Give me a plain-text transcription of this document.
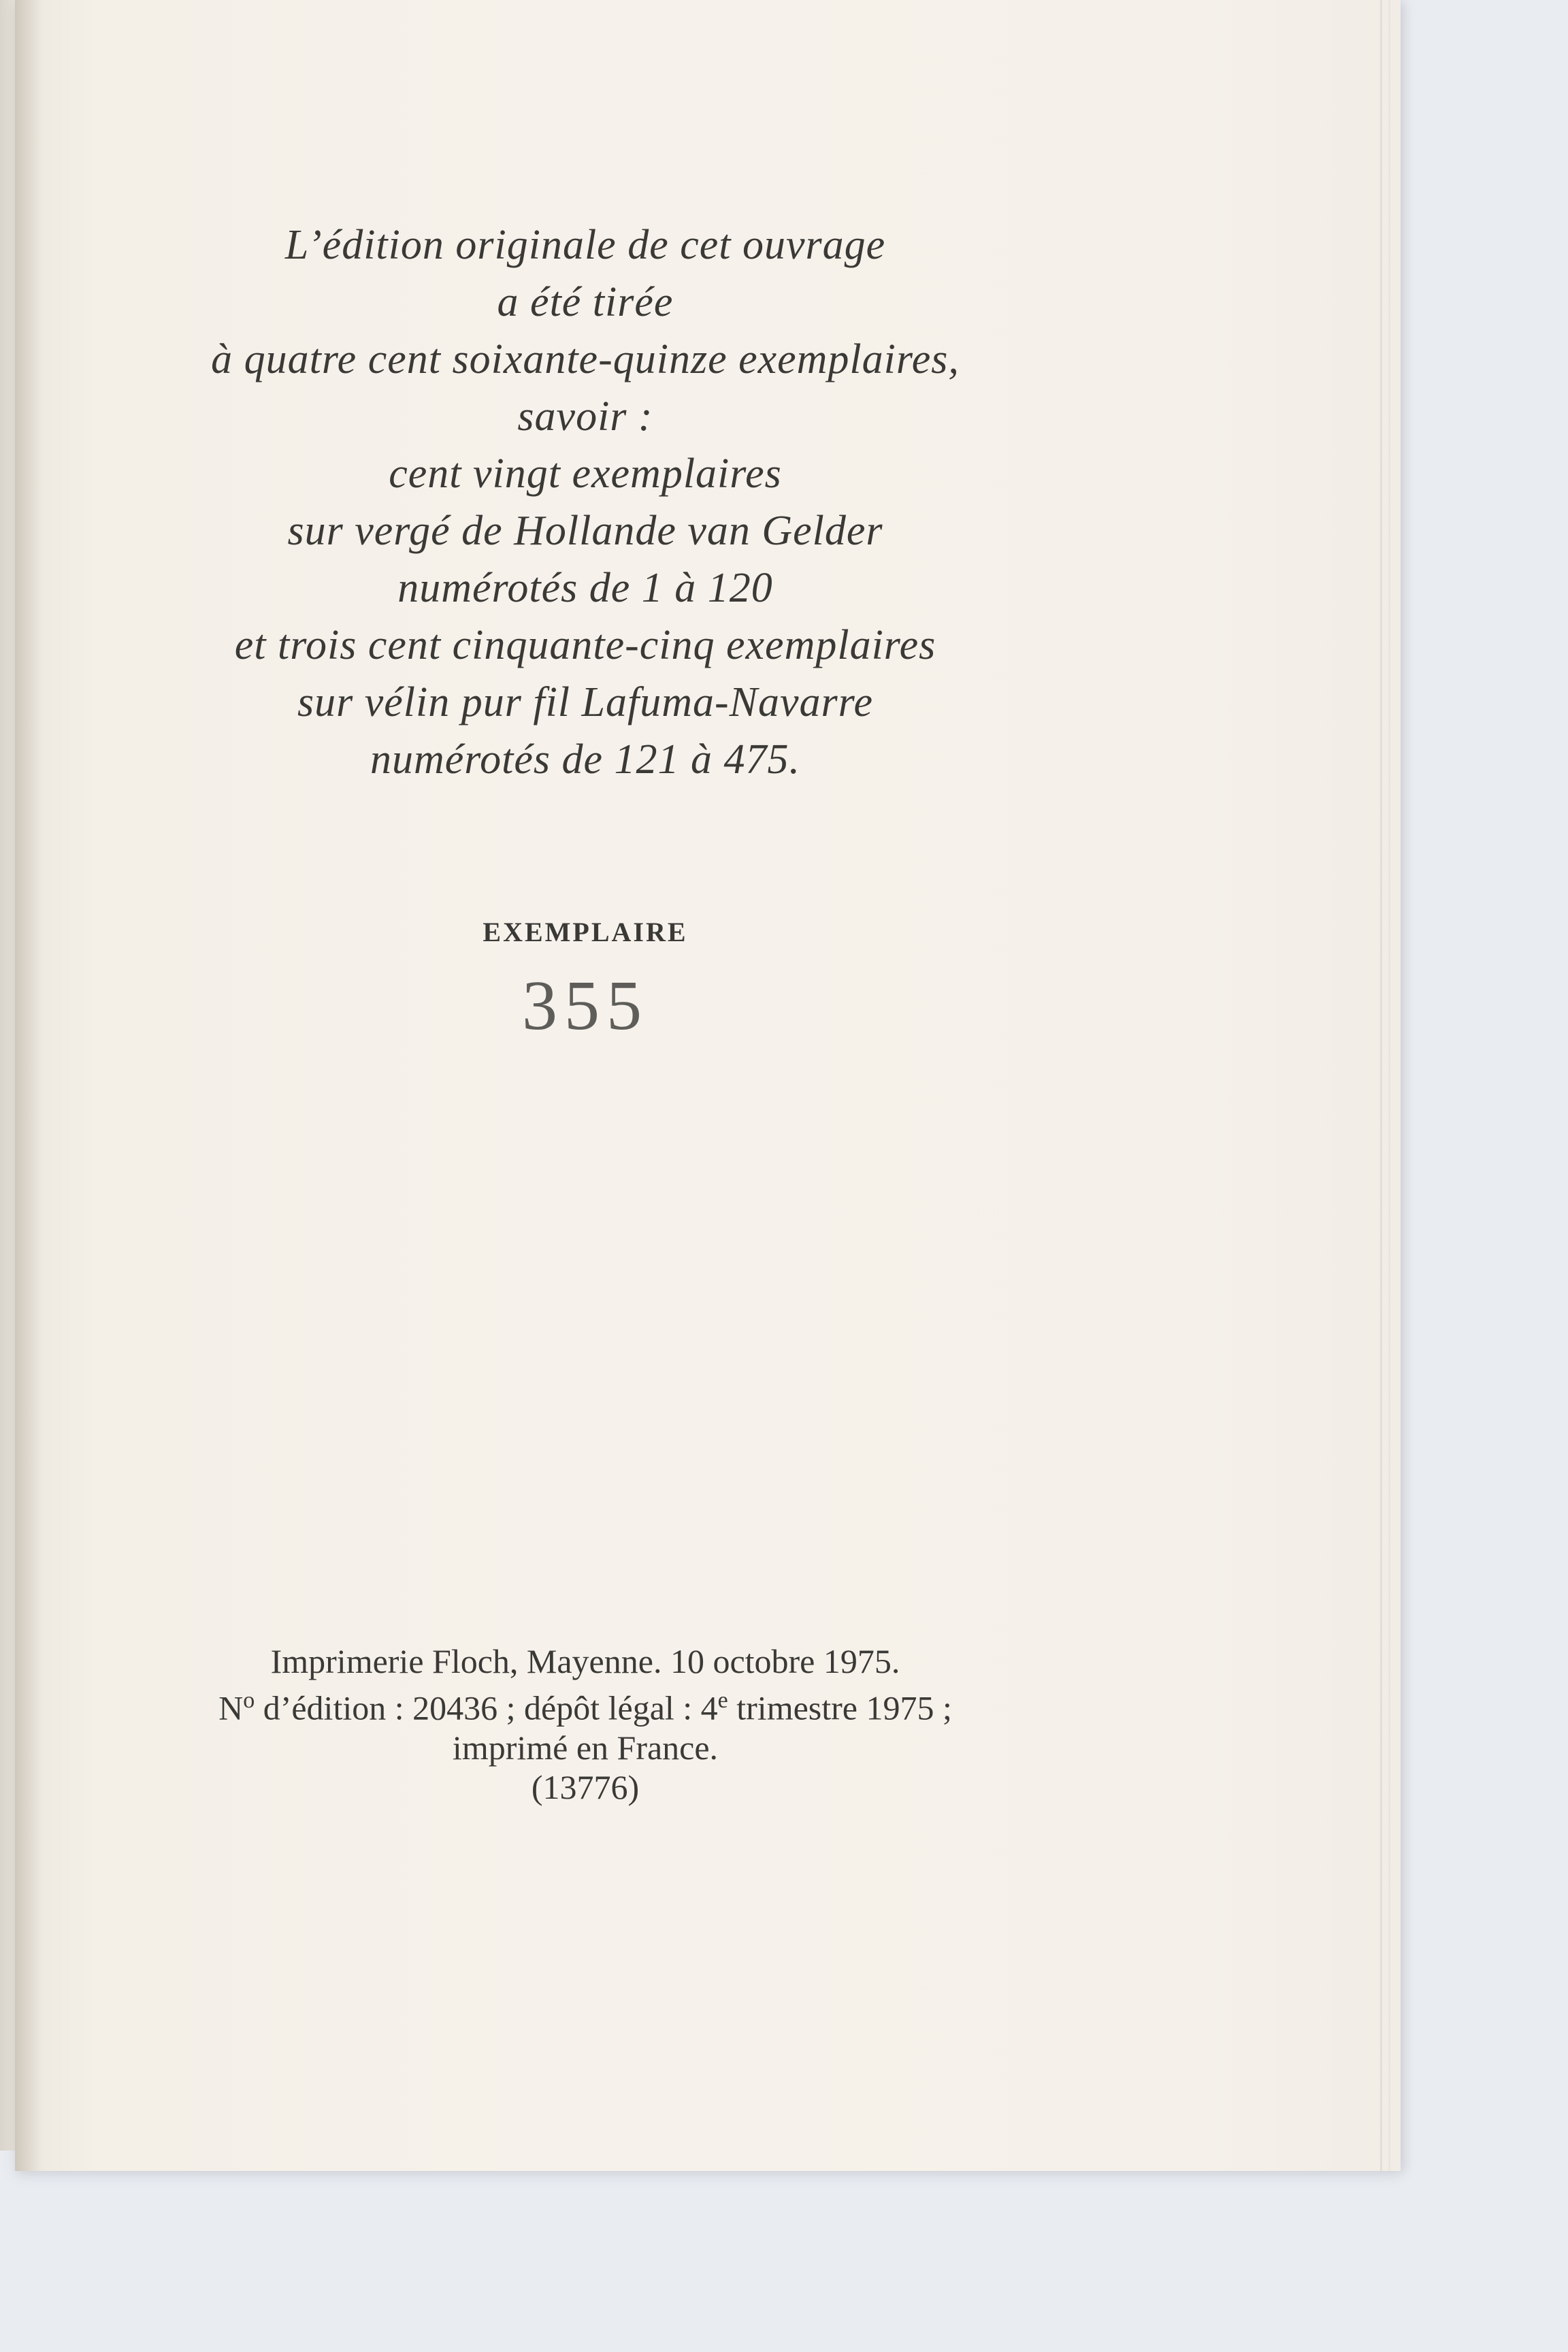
L’édition originale de cet ouvrage
a été tirée
à quatre cent soixante-quinze exemplaires,
savoir :
cent vingt exemplaires
sur vergé de Hollande van Gelder
numérotés de 1 à 120
et trois cent cinquante-cinq exemplaires
sur vélin pur fil Lafuma-Navarre
numérotés de 121 à 475.
EXEMPLAIRE
355
Imprimerie Floch, Mayenne. 10 octobre 1975.
$N^o$ d’édition : 20436 ; dépôt légal : 4e trimestre 1975 ;
imprimé en France.
(13776)
